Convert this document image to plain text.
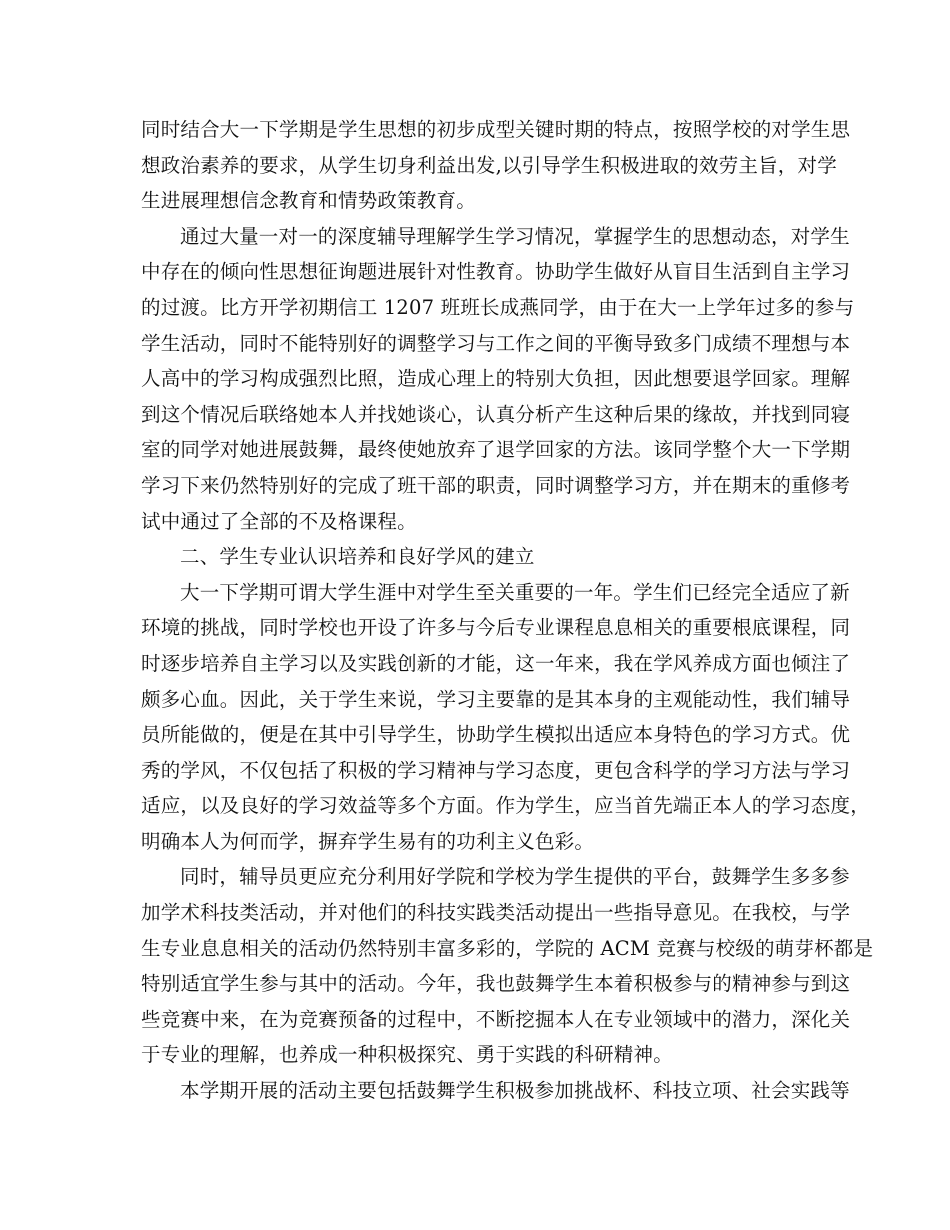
同时结合大一下学期是学生思想的初步成型关键时期的特点，按照学校的对学生思
想政治素养的要求，从学生切身利益出发,以引导学生积极进取的效劳主旨，对学
生进展理想信念教育和情势政策教育。
通过大量一对一的深度辅导理解学生学习情况，掌握学生的思想动态，对学生
中存在的倾向性思想征询题进展针对性教育。协助学生做好从盲目生活到自主学习
的过渡。比方开学初期信工 1207 班班长成燕同学，由于在大一上学年过多的参与
学生活动，同时不能特别好的调整学习与工作之间的平衡导致多门成绩不理想与本
人高中的学习构成强烈比照，造成心理上的特别大负担，因此想要退学回家。理解
到这个情况后联络她本人并找她谈心，认真分析产生这种后果的缘故，并找到同寝
室的同学对她进展鼓舞，最终使她放弃了退学回家的方法。该同学整个大一下学期
学习下来仍然特别好的完成了班干部的职责，同时调整学习方，并在期末的重修考
试中通过了全部的不及格课程。
二、学生专业认识培养和良好学风的建立
大一下学期可谓大学生涯中对学生至关重要的一年。学生们已经完全适应了新
环境的挑战，同时学校也开设了许多与今后专业课程息息相关的重要根底课程，同
时逐步培养自主学习以及实践创新的才能，这一年来，我在学风养成方面也倾注了
颇多心血。因此，关于学生来说，学习主要靠的是其本身的主观能动性，我们辅导
员所能做的，便是在其中引导学生，协助学生模拟出适应本身特色的学习方式。优
秀的学风，不仅包括了积极的学习精神与学习态度，更包含科学的学习方法与学习
适应，以及良好的学习效益等多个方面。作为学生，应当首先端正本人的学习态度，
明确本人为何而学，摒弃学生易有的功利主义色彩。
同时，辅导员更应充分利用好学院和学校为学生提供的平台，鼓舞学生多多参
加学术科技类活动，并对他们的科技实践类活动提出一些指导意见。在我校，与学
生专业息息相关的活动仍然特别丰富多彩的，学院的 ACM 竞赛与校级的萌芽杯都是
特别适宜学生参与其中的活动。今年，我也鼓舞学生本着积极参与的精神参与到这
些竞赛中来，在为竞赛预备的过程中，不断挖掘本人在专业领域中的潜力，深化关
于专业的理解，也养成一种积极探究、勇于实践的科研精神。
本学期开展的活动主要包括鼓舞学生积极参加挑战杯、科技立项、社会实践等
